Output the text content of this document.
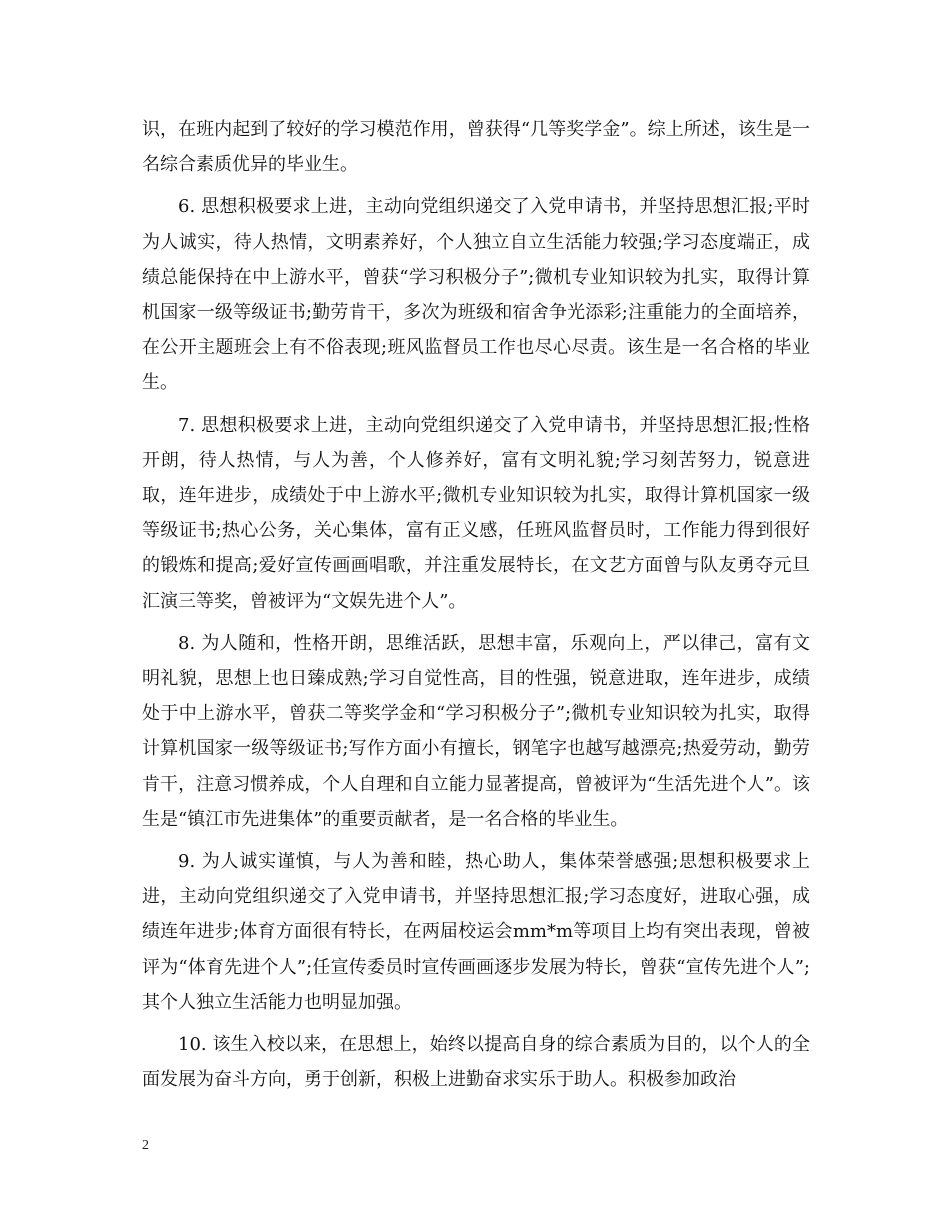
识，在班内起到了较好的学习模范作用，曾获得“几等奖学金”。综上所述，该生是一名综合素质优异的毕业生。

6. 思想积极要求上进，主动向党组织递交了入党申请书，并坚持思想汇报;平时为人诚实，待人热情，文明素养好，个人独立自立生活能力较强;学习态度端正，成绩总能保持在中上游水平，曾获“学习积极分子”;微机专业知识较为扎实，取得计算机国家一级等级证书;勤劳肯干，多次为班级和宿舍争光添彩;注重能力的全面培养，在公开主题班会上有不俗表现;班风监督员工作也尽心尽责。该生是一名合格的毕业生。

7. 思想积极要求上进，主动向党组织递交了入党申请书，并坚持思想汇报;性格开朗，待人热情，与人为善，个人修养好，富有文明礼貌;学习刻苦努力，锐意进取，连年进步，成绩处于中上游水平;微机专业知识较为扎实，取得计算机国家一级等级证书;热心公务，关心集体，富有正义感，任班风监督员时，工作能力得到很好的锻炼和提高;爱好宣传画画唱歌，并注重发展特长，在文艺方面曾与队友勇夺元旦汇演三等奖，曾被评为“文娱先进个人”。

8. 为人随和，性格开朗，思维活跃，思想丰富，乐观向上，严以律己，富有文明礼貌，思想上也日臻成熟;学习自觉性高，目的性强，锐意进取，连年进步，成绩处于中上游水平，曾获二等奖学金和“学习积极分子”;微机专业知识较为扎实，取得计算机国家一级等级证书;写作方面小有擅长，钢笔字也越写越漂亮;热爱劳动，勤劳肯干，注意习惯养成，个人自理和自立能力显著提高，曾被评为“生活先进个人”。该生是“镇江市先进集体”的重要贡献者，是一名合格的毕业生。

9. 为人诚实谨慎，与人为善和睦，热心助人，集体荣誉感强;思想积极要求上进，主动向党组织递交了入党申请书，并坚持思想汇报;学习态度好，进取心强，成绩连年进步;体育方面很有特长，在两届校运会mm*m等项目上均有突出表现，曾被评为“体育先进个人”;任宣传委员时宣传画画逐步发展为特长，曾获“宣传先进个人”;其个人独立生活能力也明显加强。

10. 该生入校以来，在思想上，始终以提高自身的综合素质为目的，以个人的全面发展为奋斗方向，勇于创新，积极上进勤奋求实乐于助人。积极参加政治

2
